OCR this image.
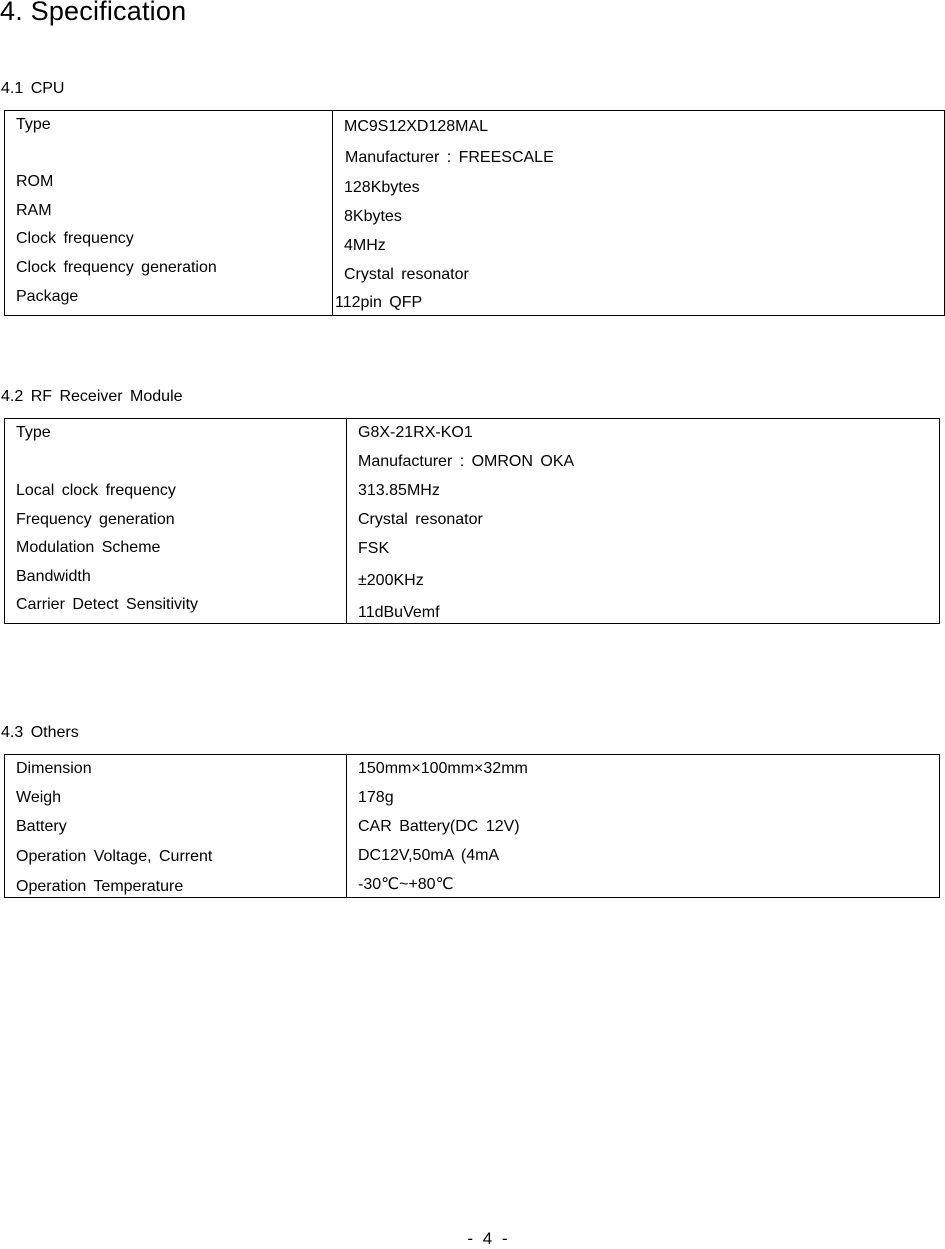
4. Specification
4.1 CPU
Type	MC9S12XD128MAL
Manufacturer : FREESCALE
ROM	128Kbytes
RAM	8Kbytes
Clock frequency	4MHz
Clock frequency generation	Crystal resonator
Package	112pin QFP
4.2 RF Receiver Module
Type	G8X-21RX-KO1
Manufacturer : OMRON OKA
Local clock frequency	313.85MHz
Frequency generation	Crystal resonator
Modulation Scheme	FSK
Bandwidth	±200KHz
Carrier Detect Sensitivity	11dBuVemf
4.3 Others
Dimension	150mm×100mm×32mm
Weigh	178g
Battery	CAR Battery(DC 12V)
Operation Voltage, Current	DC12V,50mA (4mA
Operation Temperature	-30℃~+80℃
- 4 -
